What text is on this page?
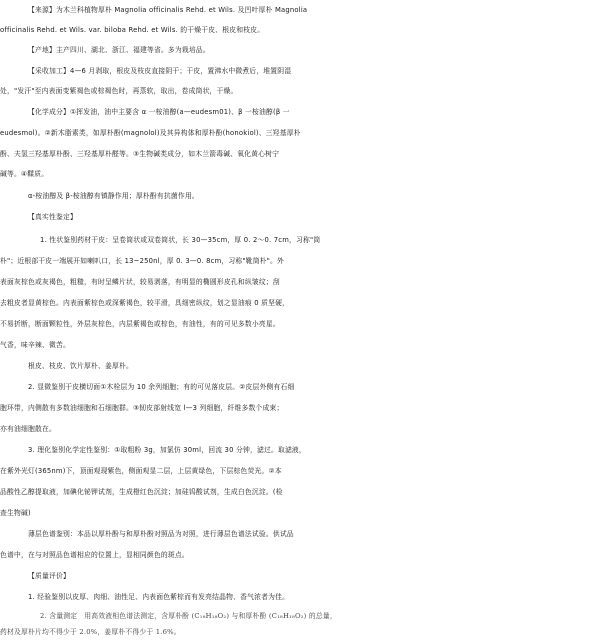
【来源】为木兰科植物厚朴 Magnolia officinalis Rehd. et Wils. 及凹叶厚朴 Magnolia
officinalis Rehd. et Wils. var. biloba Rehd. et Wils. 的干燥干皮、根皮和枝皮。
【产地】主产四川、湖北、浙江、福建等省。多为栽培品。
【采收加工】4—6 月剥取，根皮及枝皮直接阴干；干皮，置沸水中微煮后，堆置阴湿
处，"发汗"至内表面变紫褐色或棕褐色时，再蒸软，取出，卷成筒状，干燥。
【化学成分】①挥发油，油中主要含 α 一桉油醇(a—eudesm01)、β 一桉油醇(β 一
eudesmol)。②新木脂素类，如厚朴酚(magnolol)及其异构体和厚朴酚(honokiol)、三羟基厚朴
酚、夫氢三羟基厚朴酚、三羟基厚朴醛等。③生物碱类成分，如木兰箭毒碱、氧化黄心树宁
碱等。④鞣质。
α-桉油醇及 β-桉油醇有镇静作用；厚朴酚有抗菌作用。
【真实性鉴定】
1. 性状鉴别药材干皮：呈卷筒状或双卷筒状，长 30—35cm，厚 0. 2～0. 7cm，习称"筒
朴"；近根部干皮一端展开如喇叭口，长 13~250nl，厚 0. 3—0. 8cm，习称"靴筒朴"。外
表面灰棕色或灰褐色，粗糙，有时呈鳞片状，较易剥落，有明显的椭圆形皮孔和纵皱纹；刮
去粗皮者显黄棕色。内表面紫棕色或深紫褐色，较平滑，具细密纵纹，划之显油痕 0 质坚硬，
不易折断，断面颗粒性，外层灰棕色，内层紫褐色或棕色，有油性，有的可见多数小亮星。
气香，味辛辣、微苦。
根皮、枝皮、饮片厚朴、姜厚朴。
2. 显微鉴别干皮横切面①木栓层为 10 余列细胞；有的可见落皮层。②皮层外侧有石细
胞环带，内侧散有多数油细胞和石细胞群。③韧皮部射线宽 l—3 列细胞，纤维多数个成束；
亦有油细胞散在。
3. 理化鉴别化学定性鉴别：①取粗粉 3g，加氯仿 30ml，回流 30 分钟，滤过。取滤液，
在紫外光灯(365nm)下，顶面观现紫色，侧面观显二层，上层黄绿色，下层棕色荧光。②本
品酸性乙醇提取液，加碘化铋钾试剂，生成橙红色沉淀；加硅钨酸试剂，生成白色沉淀。(检
查生物碱)
薄层色谱鉴别：本品以厚朴酚与和厚朴酚对照品为对照，进行薄层色谱法试验。供试品
色谱中，在与对照品色谱相应的位置上，显相同颜色的斑点。
【质量评价】
1. 经验鉴别以皮厚、肉细、油性足、内表面色紫棕而有发亮结晶物、香气浓者为佳。
2. 含量测定　用高效液相色谱法测定，含厚朴酚 (C₁₈H₁₈O₂) 与和厚朴酚 (C₁₈H₁₈O₂) 的总量，
药材及厚朴片均不得少于 2.0%，姜厚朴不得少于 1.6%。
